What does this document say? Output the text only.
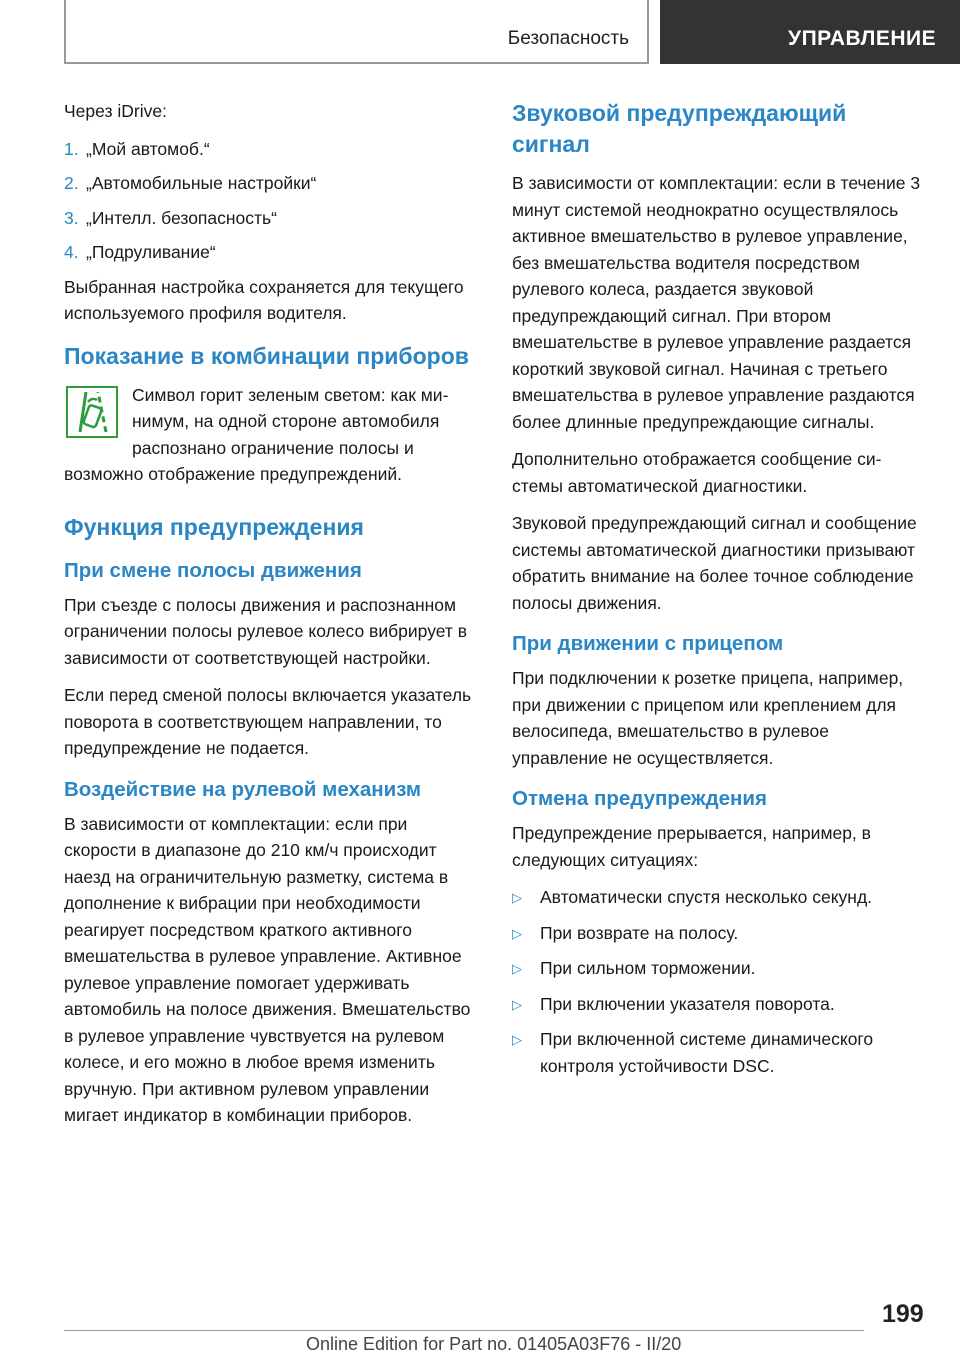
Безопасность	УПРАВЛЕНИЕ

Через iDrive:

1. „Мой автомоб.“
2. „Автомобильные настройки“
3. „Интелл. безопасность“
4. „Подруливание“

Выбранная настройка сохраняется для текущего используемого профиля водителя.

Показание в комбинации приборов

Символ горит зеленым светом: как минимум, на одной стороне автомобиля распознано ограничение полосы и возможно отображение предупреждений.

Функция предупреждения
При смене полосы движения

При съезде с полосы движения и распознанном ограничении полосы рулевое колесо вибрирует в зависимости от соответствующей настройки.

Если перед сменой полосы включается указатель поворота в соответствующем направлении, то предупреждение не подается.

Воздействие на рулевой механизм

В зависимости от комплектации: если при скорости в диапазоне до 210 км/ч происходит наезд на ограничительную разметку, система в дополнение к вибрации при необходимости реагирует посредством краткого активного вмешательства в рулевое управление. Активное рулевое управление помогает удерживать автомобиль на полосе движения. Вмешательство в рулевое управление чувствуется на рулевом колесе, и его можно в любое время изменить вручную. При активном рулевом управлении мигает индикатор в комбинации приборов.

Звуковой предупреждающий сигнал

В зависимости от комплектации: если в течение 3 минут системой неоднократно осуществлялось активное вмешательство в рулевое управление, без вмешательства водителя посредством рулевого колеса, раздается звуковой предупреждающий сигнал. При втором вмешательстве в рулевое управление раздается короткий звуковой сигнал. Начиная с третьего вмешательства в рулевое управление раздаются более длинные предупреждающие сигналы.

Дополнительно отображается сообщение системы автоматической диагностики.

Звуковой предупреждающий сигнал и сообщение системы автоматической диагностики призывают обратить внимание на более точное соблюдение полосы движения.

При движении с прицепом

При подключении к розетке прицепа, например, при движении с прицепом или креплением для велосипеда, вмешательство в рулевое управление не осуществляется.

Отмена предупреждения

Предупреждение прерывается, например, в следующих ситуациях:

▷	Автоматически спустя несколько секунд.
▷	При возврате на полосу.
▷	При сильном торможении.
▷	При включении указателя поворота.
▷	При включенной системе динамического контроля устойчивости DSC.
199
Online Edition for Part no. 01405A03F76 - II/20
